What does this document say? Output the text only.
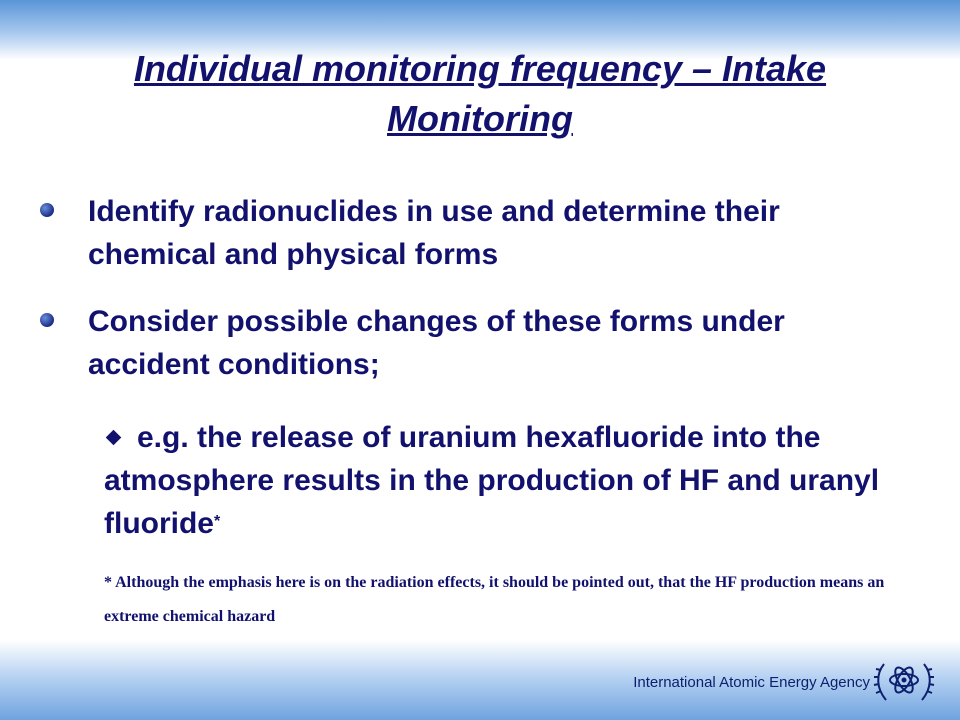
Individual monitoring frequency – Intake Monitoring
Identify radionuclides in use and determine their chemical and physical forms
Consider possible changes of these forms under accident conditions;
e.g. the release of uranium hexafluoride into the atmosphere results in the production of HF and uranyl fluoride*
* Although the emphasis here is on the radiation effects, it should be pointed out, that the HF production means an extreme chemical hazard
International Atomic Energy Agency
